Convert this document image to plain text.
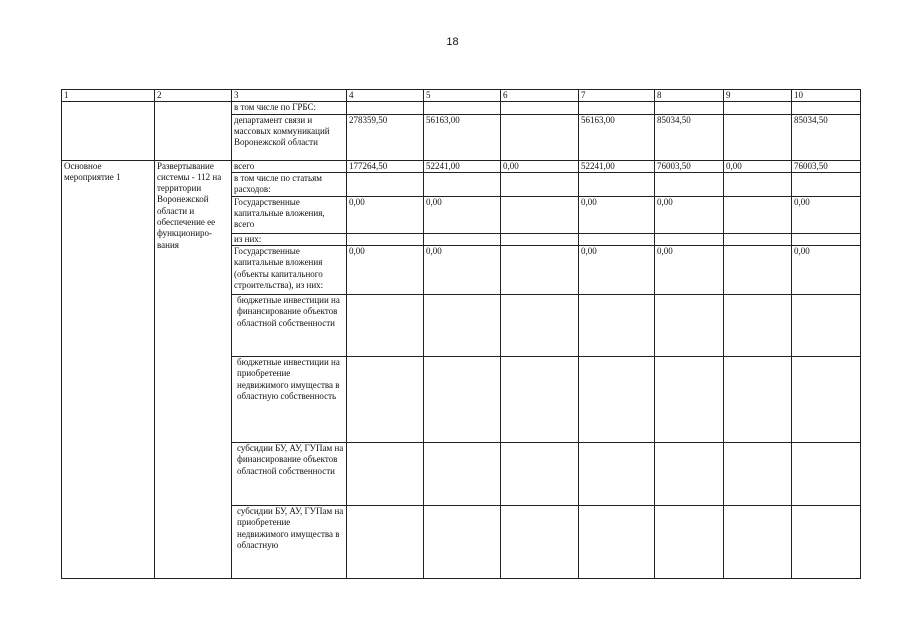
18
1	2	3	4	5	6	7	8	9	10
		в том числе по ГРБС:							
		департамент связи и массовых коммуникаций Воронежской области	278359,50	56163,00		56163,00	85034,50		85034,50
Основное мероприятие 1	Развертывание системы - 112 на территории Воронежской области и обеспечение ее функциониро-вания	всего	177264,50	52241,00	0,00	52241,00	76003,50	0,00	76003,50
		в том числе по статьям расходов:							
		Государственные капитальные вложения, всего	0,00	0,00		0,00	0,00		0,00
		из них:							
		Государственные капитальные вложения (объекты капитального строительства), из них:	0,00	0,00		0,00	0,00		0,00
		бюджетные инвестиции на финансирование объектов областной собственности							
		бюджетные инвестиции на приобретение недвижимого имущества в областную собственность							
		субсидии БУ, АУ, ГУПам на финансирование объектов областной собственности							
		субсидии БУ, АУ, ГУПам на приобретение недвижимого имущества в областную							
